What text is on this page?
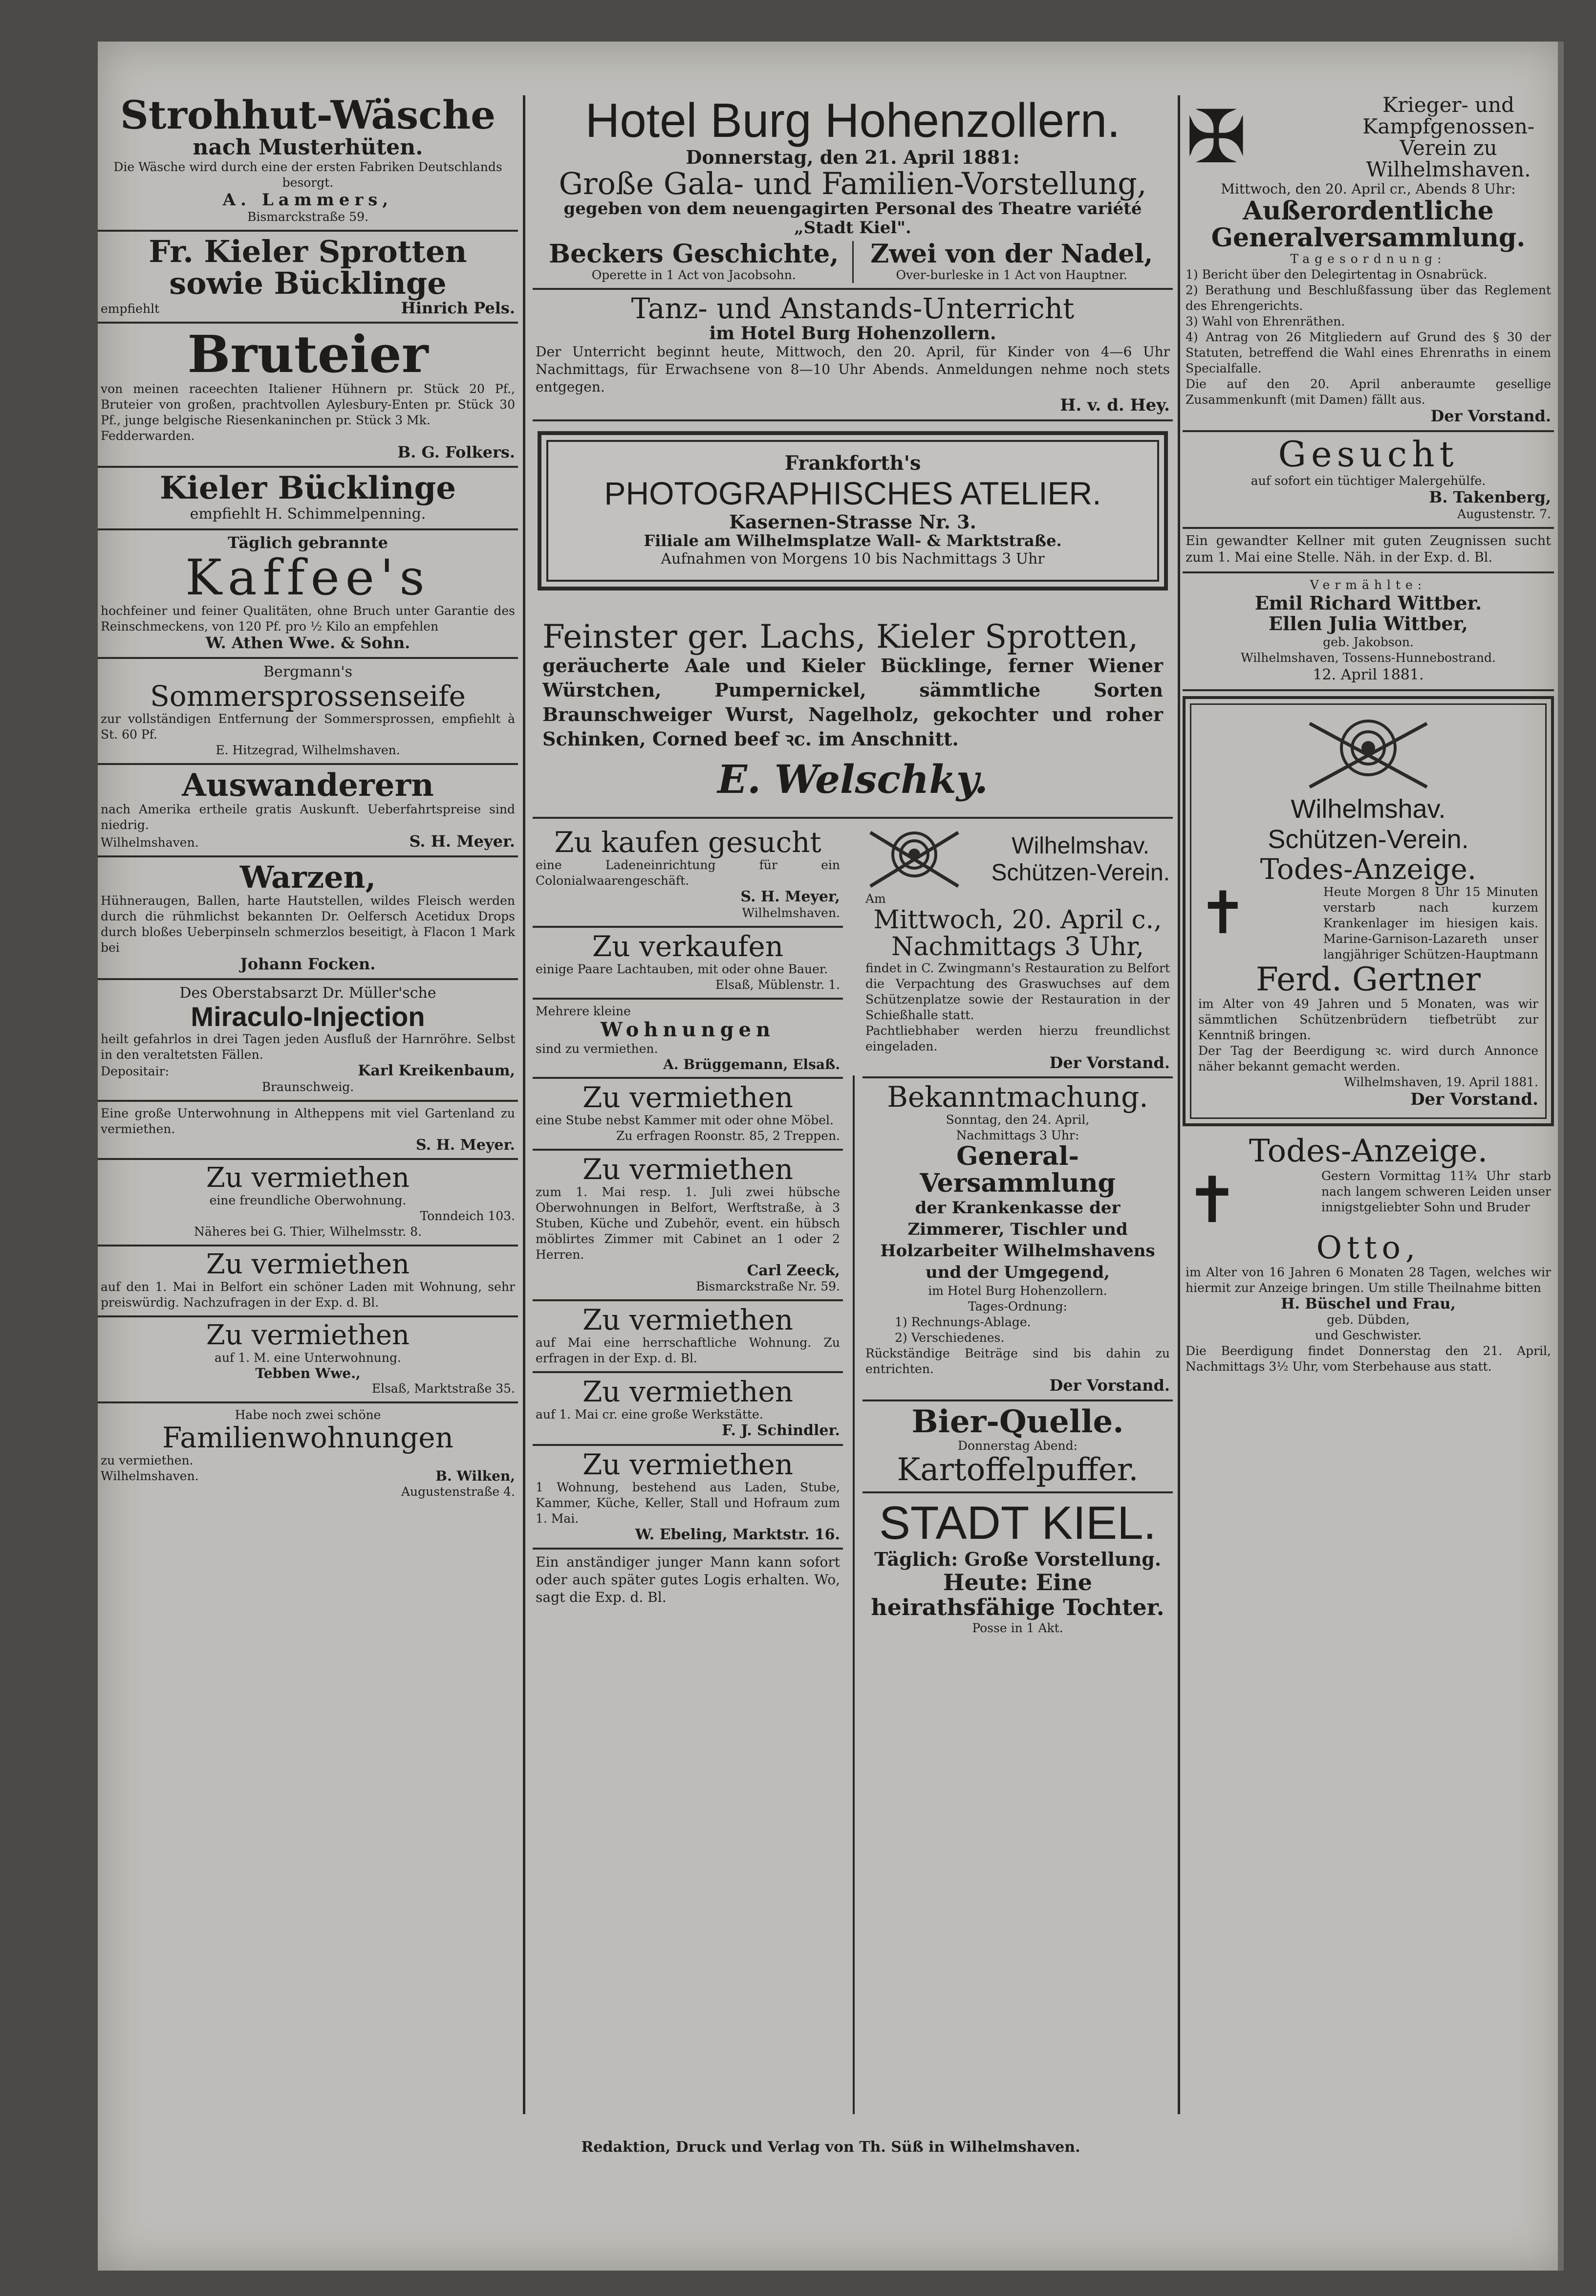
Strohhut-Wäsche
nach Musterhüten.
Die Wäsche wird durch eine der ersten Fabriken Deutschlands besorgt.
A. Lammers,
Bismarckstraße 59.
Fr. Kieler Sprotten
sowie Bücklinge
empfiehlt	Hinrich Pels.
Bruteier
von meinen raceechten Italiener Hühnern pr. Stück 20 Pf., Bruteier von großen, prachtvollen Aylesbury-Enten pr. Stück 30 Pf., junge belgische Riesenkaninchen pr. Stück 3 Mk.
Fedderwarden.
B. G. Folkers.
Kieler Bücklinge
empfiehlt H. Schimmelpenning.
Täglich gebrannte
Kaffee's
hochfeiner und feiner Qualitäten, ohne Bruch unter Garantie des Reinschmeckens, von 120 Pf. pro ½ Kilo an empfehlen
W. Athen Wwe. & Sohn.
Bergmann's
Sommersprossenseife
zur vollständigen Entfernung der Sommersprossen, empfiehlt à St. 60 Pf.
E. Hitzegrad, Wilhelmshaven.
Auswanderern
nach Amerika ertheile gratis Auskunft. Ueberfahrtspreise sind niedrig.
Wilhelmshaven.	S. H. Meyer.
Warzen,
Hühneraugen, Ballen, harte Hautstellen, wildes Fleisch werden durch die rühmlichst bekannten Dr. Oelfersch Acetidux Drops durch bloßes Ueberpinseln schmerzlos beseitigt, à Flacon 1 Mark bei
Johann Focken.
Des Oberstabsarzt Dr. Müller'sche
Miraculo-Injection
heilt gefahrlos in drei Tagen jeden Ausfluß der Harnröhre. Selbst in den veraltetsten Fällen.
Depositair:	Karl Kreikenbaum,
Braunschweig.
Eine große Unterwohnung in Altheppens mit viel Gartenland zu vermiethen.
S. H. Meyer.
Zu vermiethen
eine freundliche Oberwohnung.
Tonndeich 103.
Näheres bei G. Thier, Wilhelmsstr. 8.
Zu vermiethen
auf den 1. Mai in Belfort ein schöner Laden mit Wohnung, sehr preiswürdig. Nachzufragen in der Exp. d. Bl.
Zu vermiethen
auf 1. M. eine Unterwohnung.
Tebben Wwe.,
Elsaß, Marktstraße 35.
Habe noch zwei schöne
Familienwohnungen
zu vermiethen.
Wilhelmshaven.	B. Wilken,
Augustenstraße 4.
Hotel Burg Hohenzollern.
Donnerstag, den 21. April 1881:
Große Gala- und Familien-Vorstellung,
gegeben von dem neuengagirten Personal des Theatre variété „Stadt Kiel".
Beckers Geschichte,
Operette in 1 Act von Jacobsohn.
Zwei von der Nadel,
Over-burleske in 1 Act von Hauptner.
Tanz- und Anstands-Unterricht
im Hotel Burg Hohenzollern.
Der Unterricht beginnt heute, Mittwoch, den 20. April, für Kinder von 4—6 Uhr Nachmittags, für Erwachsene von 8—10 Uhr Abends. Anmeldungen nehme noch stets entgegen.
H. v. d. Hey.
Frankforth's
PHOTOGRAPHISCHES ATELIER.
Kasernen-Strasse Nr. 3.
Filiale am Wilhelmsplatze Wall- & Marktstraße.
Aufnahmen von Morgens 10 bis Nachmittags 3 Uhr
Feinster ger. Lachs, Kieler Sprotten,
geräucherte Aale und Kieler Bücklinge, ferner Wiener Würstchen, Pumpernickel, sämmtliche Sorten Braunschweiger Wurst, Nagelholz, gekochter und roher Schinken, Corned beef ꝛc. im Anschnitt.
E. Welschky.
Zu kaufen gesucht
eine Ladeneinrichtung für ein Colonialwaarengeschäft.
S. H. Meyer,
Wilhelmshaven.
Zu verkaufen
einige Paare Lachtauben, mit oder ohne Bauer.
Elsaß, Müblenstr. 1.
Mehrere kleine
Wohnungen
sind zu vermiethen.
A. Brüggemann, Elsaß.
Zu vermiethen
eine Stube nebst Kammer mit oder ohne Möbel.
Zu erfragen Roonstr. 85, 2 Treppen.
Zu vermiethen
zum 1. Mai resp. 1. Juli zwei hübsche Oberwohnungen in Belfort, Werftstraße, à 3 Stuben, Küche und Zubehör, event. ein hübsch möblirtes Zimmer mit Cabinet an 1 oder 2 Herren.
Carl Zeeck,
Bismarckstraße Nr. 59.
Zu vermiethen
auf Mai eine herrschaftliche Wohnung. Zu erfragen in der Exp. d. Bl.
Zu vermiethen
auf 1. Mai cr. eine große Werkstätte.
F. J. Schindler.
Zu vermiethen
1 Wohnung, bestehend aus Laden, Stube, Kammer, Küche, Keller, Stall und Hofraum zum 1. Mai.
W. Ebeling, Marktstr. 16.
Ein anständiger junger Mann kann sofort oder auch später gutes Logis erhalten. Wo, sagt die Exp. d. Bl.
Wilhelmshav.
Schützen-Verein.
Am
Mittwoch, 20. April c.,
Nachmittags 3 Uhr,
findet in C. Zwingmann's Restauration zu Belfort die Verpachtung des Graswuchses auf dem Schützenplatze sowie der Restauration in der Schießhalle statt.
Pachtliebhaber werden hierzu freundlichst eingeladen.
Der Vorstand.
Bekanntmachung.
Sonntag, den 24. April,
Nachmittags 3 Uhr:
General-Versammlung
der Krankenkasse der Zimmerer, Tischler und Holzarbeiter Wilhelmshavens und der Umgegend,
im Hotel Burg Hohenzollern.
Tages-Ordnung:
1) Rechnungs-Ablage.
2) Verschiedenes.
Rückständige Beiträge sind bis dahin zu entrichten.
Der Vorstand.
Bier-Quelle.
Donnerstag Abend:
Kartoffelpuffer.
STADT KIEL.
Täglich: Große Vorstellung.
Heute: Eine heirathsfähige Tochter.
Posse in 1 Akt.
✠	Krieger- und Kampfgenossen-Verein zu Wilhelmshaven.
Mittwoch, den 20. April cr., Abends 8 Uhr:
Außerordentliche Generalversammlung.
Tagesordnung:
1) Bericht über den Delegirtentag in Osnabrück.
2) Berathung und Beschlußfassung über das Reglement des Ehrengerichts.
3) Wahl von Ehrenräthen.
4) Antrag von 26 Mitgliedern auf Grund des § 30 der Statuten, betreffend die Wahl eines Ehrenraths in einem Specialfalle.
Die auf den 20. April anberaumte gesellige Zusammenkunft (mit Damen) fällt aus.
Der Vorstand.
Gesucht
auf sofort ein tüchtiger Malergehülfe.
B. Takenberg,
Augustenstr. 7.
Ein gewandter Kellner mit guten Zeugnissen sucht zum 1. Mai eine Stelle. Näh. in der Exp. d. Bl.
Vermählte:
Emil Richard Wittber.
Ellen Julia Wittber,
geb. Jakobson.
Wilhelmshaven, Tossens-Hunnebostrand.
12. April 1881.
Wilhelmshav.
Schützen-Verein.
Todes-Anzeige.
✝	Heute Morgen 8 Uhr 15 Minuten verstarb nach kurzem Krankenlager im hiesigen kais. Marine-Garnison-Lazareth unser langjähriger Schützen-Hauptmann
Ferd. Gertner
im Alter von 49 Jahren und 5 Monaten, was wir sämmtlichen Schützenbrüdern tiefbetrübt zur Kenntniß bringen.
Der Tag der Beerdigung ꝛc. wird durch Annonce näher bekannt gemacht werden.
Wilhelmshaven, 19. April 1881.
Der Vorstand.
Todes-Anzeige.
✝	Gestern Vormittag 11¾ Uhr starb nach langem schweren Leiden unser innigstgeliebter Sohn und Bruder
Otto,
im Alter von 16 Jahren 6 Monaten 28 Tagen, welches wir hiermit zur Anzeige bringen. Um stille Theilnahme bitten
H. Büschel und Frau,
geb. Dübden,
und Geschwister.
Die Beerdigung findet Donnerstag den 21. April, Nachmittags 3½ Uhr, vom Sterbehause aus statt.
Redaktion, Druck und Verlag von Th. Süß in Wilhelmshaven.
